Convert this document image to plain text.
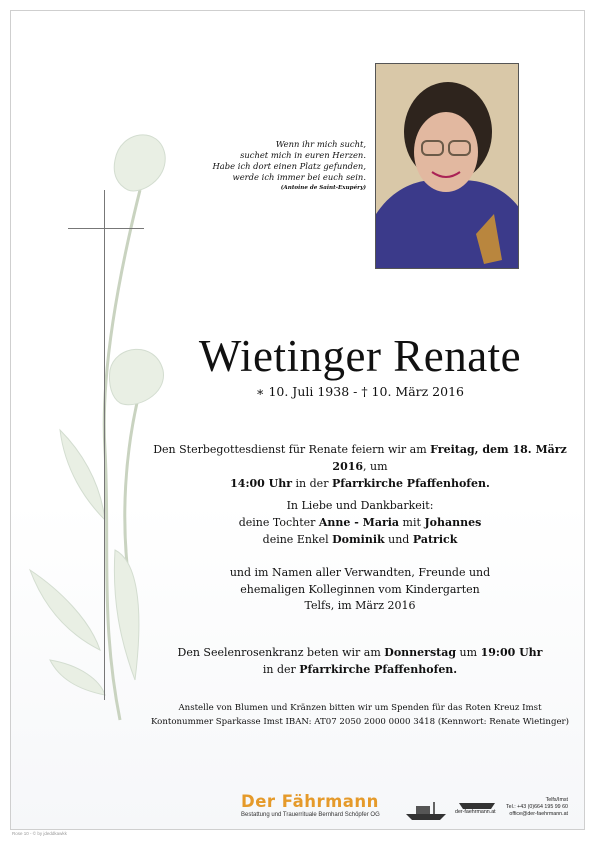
Wenn ihr mich sucht,
suchet mich in euren Herzen.
Habe ich dort einen Platz gefunden,
werde ich immer bei euch sein.
(Antoine de Saint-Exupéry)
Wietinger Renate
∗ 10. Juli 1938 - † 10. März 2016
Den Sterbegottesdienst für Renate feiern wir am Freitag, dem 18. März 2016, um
14:00 Uhr in der Pfarrkirche Pfaffenhofen.
In Liebe und Dankbarkeit:
deine Tochter Anne - Maria mit Johannes
deine Enkel Dominik und Patrick
und im Namen aller Verwandten, Freunde und
ehemaligen Kolleginnen vom Kindergarten
Telfs, im März 2016
Den Seelenrosenkranz beten wir am Donnerstag um 19:00 Uhr
in der Pfarrkirche Pfaffenhofen.
Anstelle von Blumen und Kränzen bitten wir um Spenden für das Roten Kreuz Imst
Kontonummer Sparkasse Imst IBAN: AT07 2050 2000 0000 3418 (Kennwort: Renate Wietinger)
Der Fährmann
Bestattung und Trauerrituale Bernhard Schöpfer OG
Telfs/Imst
Tel.: +43 (0)664 195 99 60
office@der-faehrmann.at
der-faehrmann.at
Rose 10 - © by jdeddkawkk
